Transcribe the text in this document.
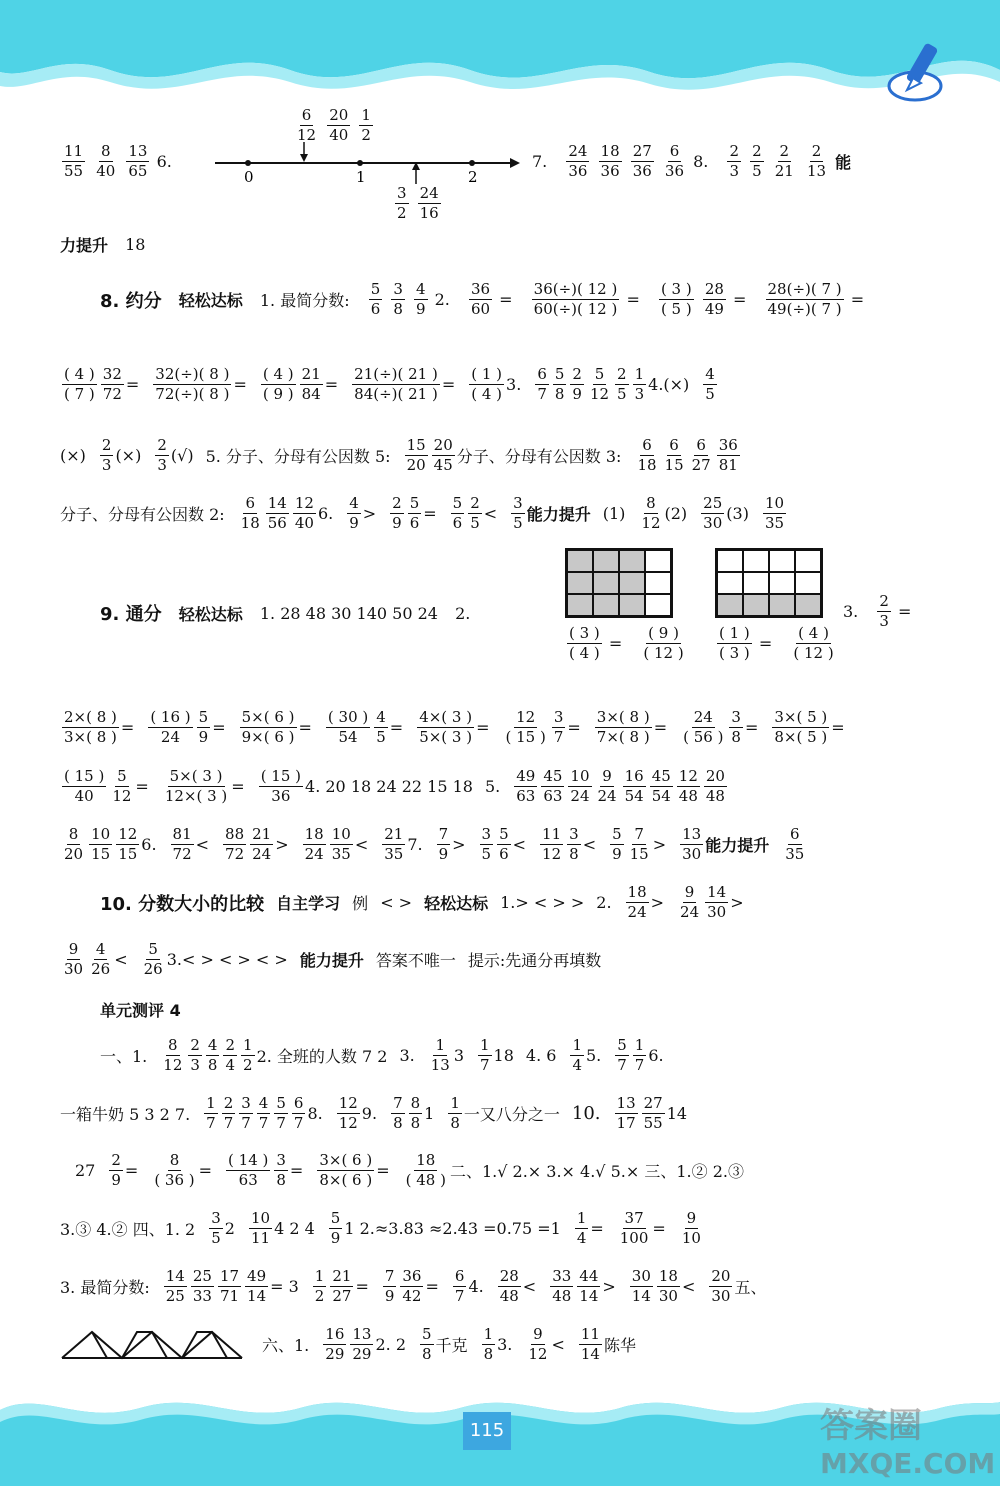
0	1	2
$\frac{6}{12}$
$\frac{20}{40}$
$\frac{1}{2}$
$\frac{3}{2}$
$\frac{24}{16}$
$\frac{11}{55}$
$\frac{8}{40}$
$\frac{13}{65} 6$.	7. $\frac{24}{36}$
$\frac{18}{36}$
$\frac{27}{36}$
$\frac{6}{36} 8$. $\frac{2}{3}$
$\frac{2}{5}$
$\frac{2}{21}$
$\frac{2}{13}$ 能
力提升 18
8. 约分 轻松达标 1. 最简分数: $\frac{5}{6}$
$\frac{3}{8}$
$\frac{4}{9} 2$. $\frac{36}{60} = \frac{36(\div)( 12 )}{60(\div)( 12 )} = \frac{( 3 )}{( 5 )}$
$\frac{28}{49} = \frac{28(\div)( 7 )}{49(\div)( 7 )}$ =
$\frac{( 4 )}{( 7 )} \frac{32}{72} = \frac{32(\div)( 8 )}{72(\div)( 8 )} = \frac{( 4 )}{( 9 )} \frac{21}{84} = \frac{21(\div)( 21 )}{84(\div)( 21 )} = \frac{( 1 )}{( 4 )} 3$. $\frac{6}{7} \frac{5}{8} \frac{2}{9} \frac{5}{12} \frac{2}{5} \frac{1}{3} 4.(\times) \frac{4}{5}$
(×) $\frac{2}{3}$ (×) $\frac{2}{3}$ (√) 5. 分子、分母有公因数 5: $\frac{15}{20} \frac{20}{45}$ 分子、分母有公因数 3: $\frac{6}{18} \frac{6}{15} \frac{6}{27} \frac{36}{81}$
分子、分母有公因数 2: $\frac{6}{18} \frac{14}{56} \frac{12}{40} 6$. $\frac{4}{9} > \frac{2}{9} \frac{5}{6} = \frac{5}{6} \frac{2}{5} < \frac{3}{5}$ 能力提升 $(1) \frac{8}{12} (2) \frac{25}{30} (3) \frac{10}{35}$
9. 通分 轻松达标 1. 28 48 30 140 50 24 2.
$\frac{( 3 )}{( 4 )} = \frac{( 9 )}{( 12 )} \frac{( 1 )}{( 3 )} = \frac{( 4 )}{( 12 )}$
3. $\frac{2}{3}$ =
$\frac{2\times( 8 )}{3\times( 8 )} = \frac{( 16 )}{24} \frac{5}{9} = \frac{5\times( 6 )}{9\times( 6 )} = \frac{( 30 )}{54} \frac{4}{5} = \frac{4\times( 3 )}{5\times( 3 )} = \frac{12}{( 15 )} \frac{3}{7} = \frac{3\times( 8 )}{7\times( 8 )} = \frac{24}{( 56 )} \frac{3}{8} = \frac{3\times( 5 )}{8\times( 5 )}$ =
$\frac{( 15 )}{40} \frac{5}{12} = \frac{5\times( 3 )}{12\times( 3 )} = \frac{( 15 )}{36} 4$. 20 18 24 22 15 18 5. $\frac{49}{63} \frac{45}{63} \frac{10}{24} \frac{9}{24} \frac{16}{54} \frac{45}{54} \frac{12}{48} \frac{20}{48}$
$\frac{8}{20} \frac{10}{15} \frac{12}{15} 6$. $\frac{81}{72} < \frac{88}{72} \frac{21}{24} > \frac{18}{24} \frac{10}{35} < \frac{21}{35} 7$. $\frac{7}{9} > \frac{3}{5} \frac{5}{6} < \frac{11}{12} \frac{3}{8} < \frac{5}{9} \frac{7}{15} > \frac{13}{30}$ 能力提升 $\frac{6}{35}$
10. 分数大小的比较 自主学习 例 < > 轻松达标 1.> < > > 2. $\frac{18}{24} > \frac{9}{24} \frac{14}{30}$ >
$\frac{9}{30} \frac{4}{26} < \frac{5}{26} 3.<$ > < > < > 能力提升 答案不唯一 提示:先通分再填数
单元测评 4
一、1. $\frac{8}{12} \frac{2}{3} \frac{4}{8} \frac{2}{4} \frac{1}{2} 2$. 全班的人数 7 2 3. $\frac{1}{13} 3 \frac{1}{7} 18$ 4. $6 \frac{1}{4} 5$. $\frac{5}{7} \frac{1}{7} 6$.
一箱牛奶 5 3 2 7. $\frac{1}{7} \frac{2}{7} \frac{3}{7} \frac{4}{7} \frac{5}{7} \frac{6}{7} 8$. $\frac{12}{12} 9$. $\frac{7}{8} \frac{8}{8} 1 \frac{1}{8}$ 一又八分之一 10. $\frac{13}{17} \frac{27}{55} 14$
$27 \frac{2}{9} = \frac{8}{( 36 )} = \frac{( 14 )}{63} \frac{3}{8} = \frac{3\times( 6 )}{8\times( 6 )} = \frac{18}{( 48 )}$ 二、1.√ 2.× 3.× 4.√ 5.× 三、1.② 2.③
3.③ 4.② 四、1. $2 \frac{3}{5} 2 \frac{10}{11} 4$ 2 $4 \frac{5}{9} 1$ $2.\approx 3.83 \approx 2.43 =0.75 =1 \frac{1}{4} = \frac{37}{100} = \frac{9}{10}$
3. 最简分数: $\frac{14}{25} \frac{25}{33} \frac{17}{71} \frac{49}{14} = 3 \frac{1}{2} \frac{21}{27} = \frac{7}{9} \frac{36}{42} = \frac{6}{7} 4$. $\frac{28}{48} < \frac{33}{48} \frac{44}{14} > \frac{30}{14} \frac{18}{30} < \frac{20}{30}$ 五、
六、1. $\frac{16}{29} \frac{13}{29} 2$. $2 \frac{5}{8}$ 千克 $\frac{1}{8} 3$. $\frac{9}{12} < \frac{11}{14}$ 陈华
115	答案圈
MXQE.COM
